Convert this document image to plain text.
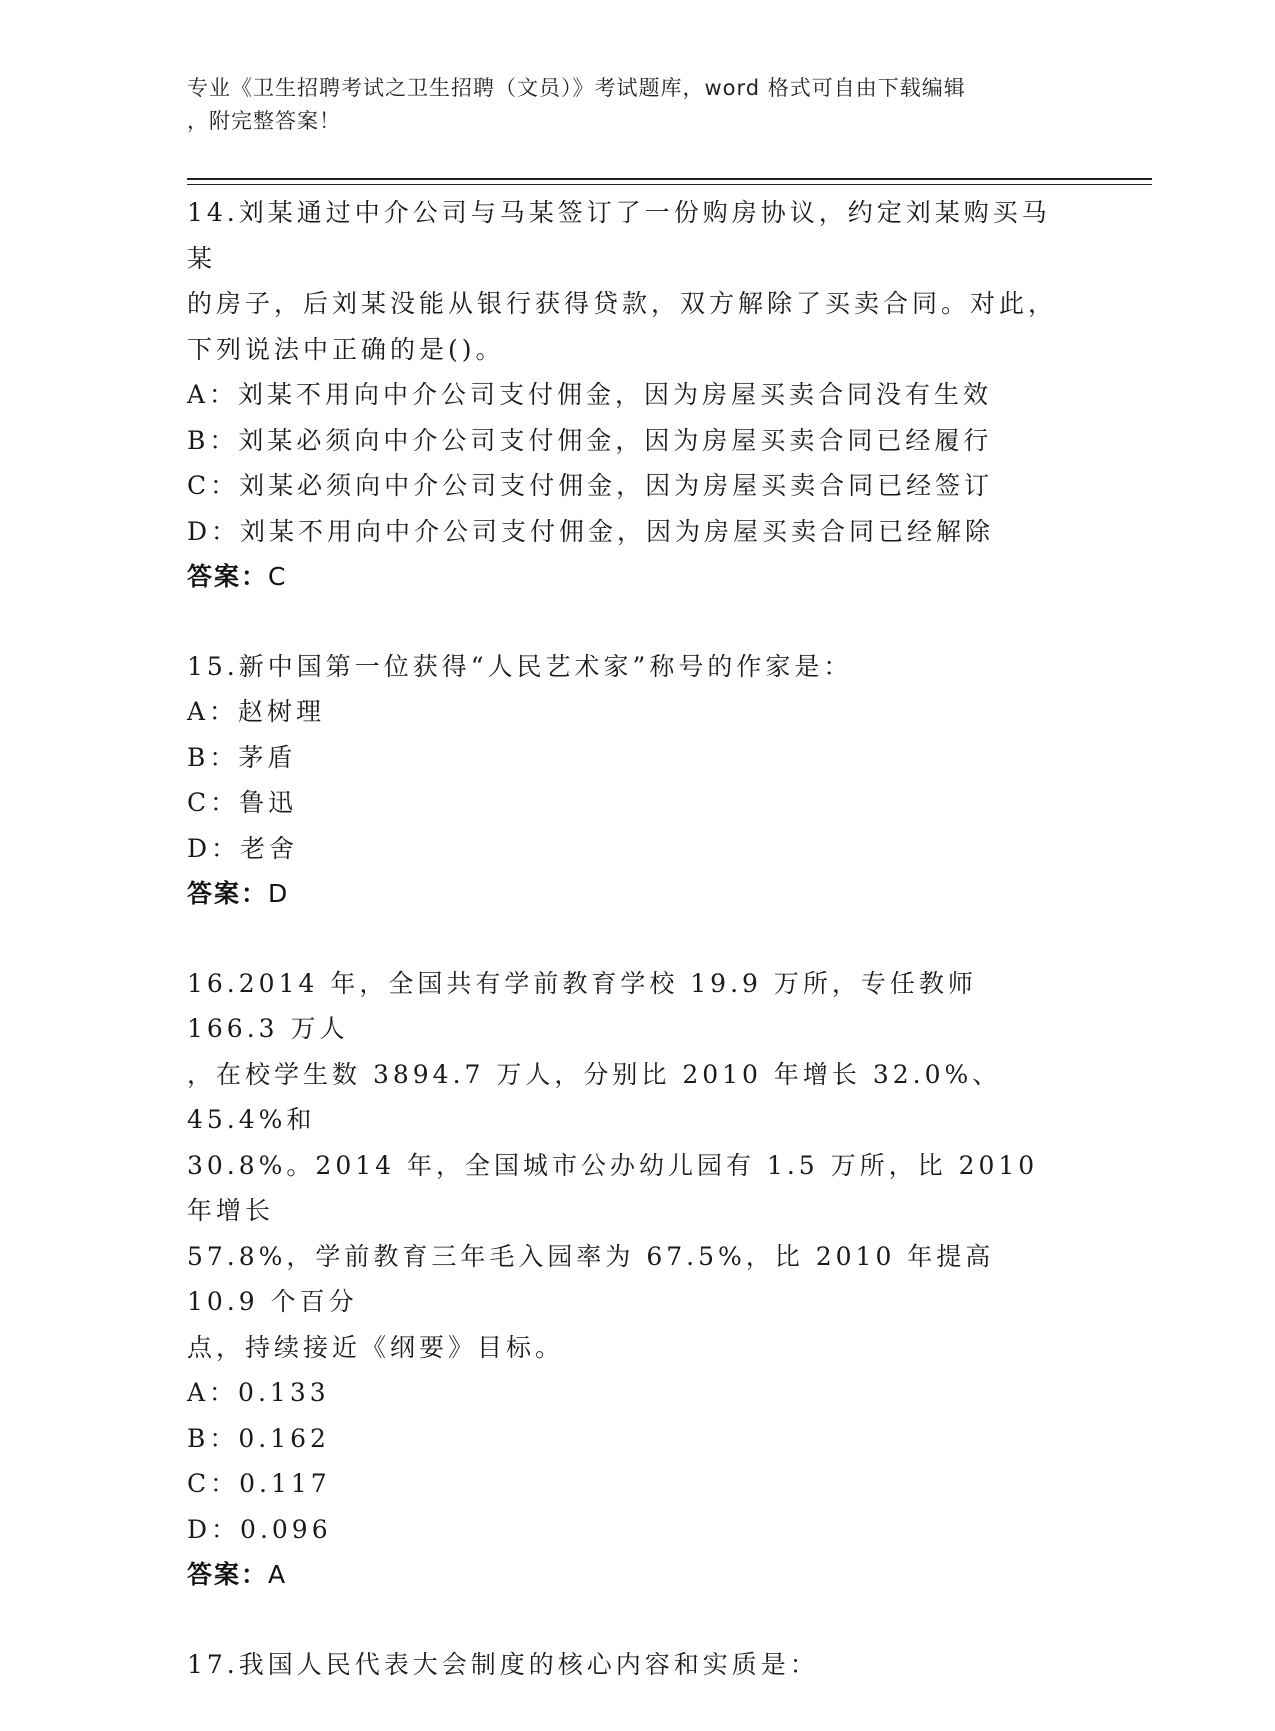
专业《卫生招聘考试之卫生招聘（文员）》考试题库，word 格式可自由下载编辑
，附完整答案！
14.刘某通过中介公司与马某签订了一份购房协议，约定刘某购买马某
的房子，后刘某没能从银行获得贷款，双方解除了买卖合同。对此，
下列说法中正确的是()。
A：刘某不用向中介公司支付佣金，因为房屋买卖合同没有生效
B：刘某必须向中介公司支付佣金，因为房屋买卖合同已经履行
C：刘某必须向中介公司支付佣金，因为房屋买卖合同已经签订
D：刘某不用向中介公司支付佣金，因为房屋买卖合同已经解除
答案：C
15.新中国第一位获得“人民艺术家”称号的作家是：
A：赵树理
B：茅盾
C：鲁迅
D：老舍
答案：D
16.2014 年，全国共有学前教育学校 19.9 万所，专任教师 166.3 万人
，在校学生数 3894.7 万人，分别比 2010 年增长 32.0%、45.4%和
30.8%。2014 年，全国城市公办幼儿园有 1.5 万所，比 2010 年增长
57.8%，学前教育三年毛入园率为 67.5%，比 2010 年提高 10.9 个百分
点，持续接近《纲要》目标。
A：0.133
B：0.162
C：0.117
D：0.096
答案：A
17.我国人民代表大会制度的核心内容和实质是：
